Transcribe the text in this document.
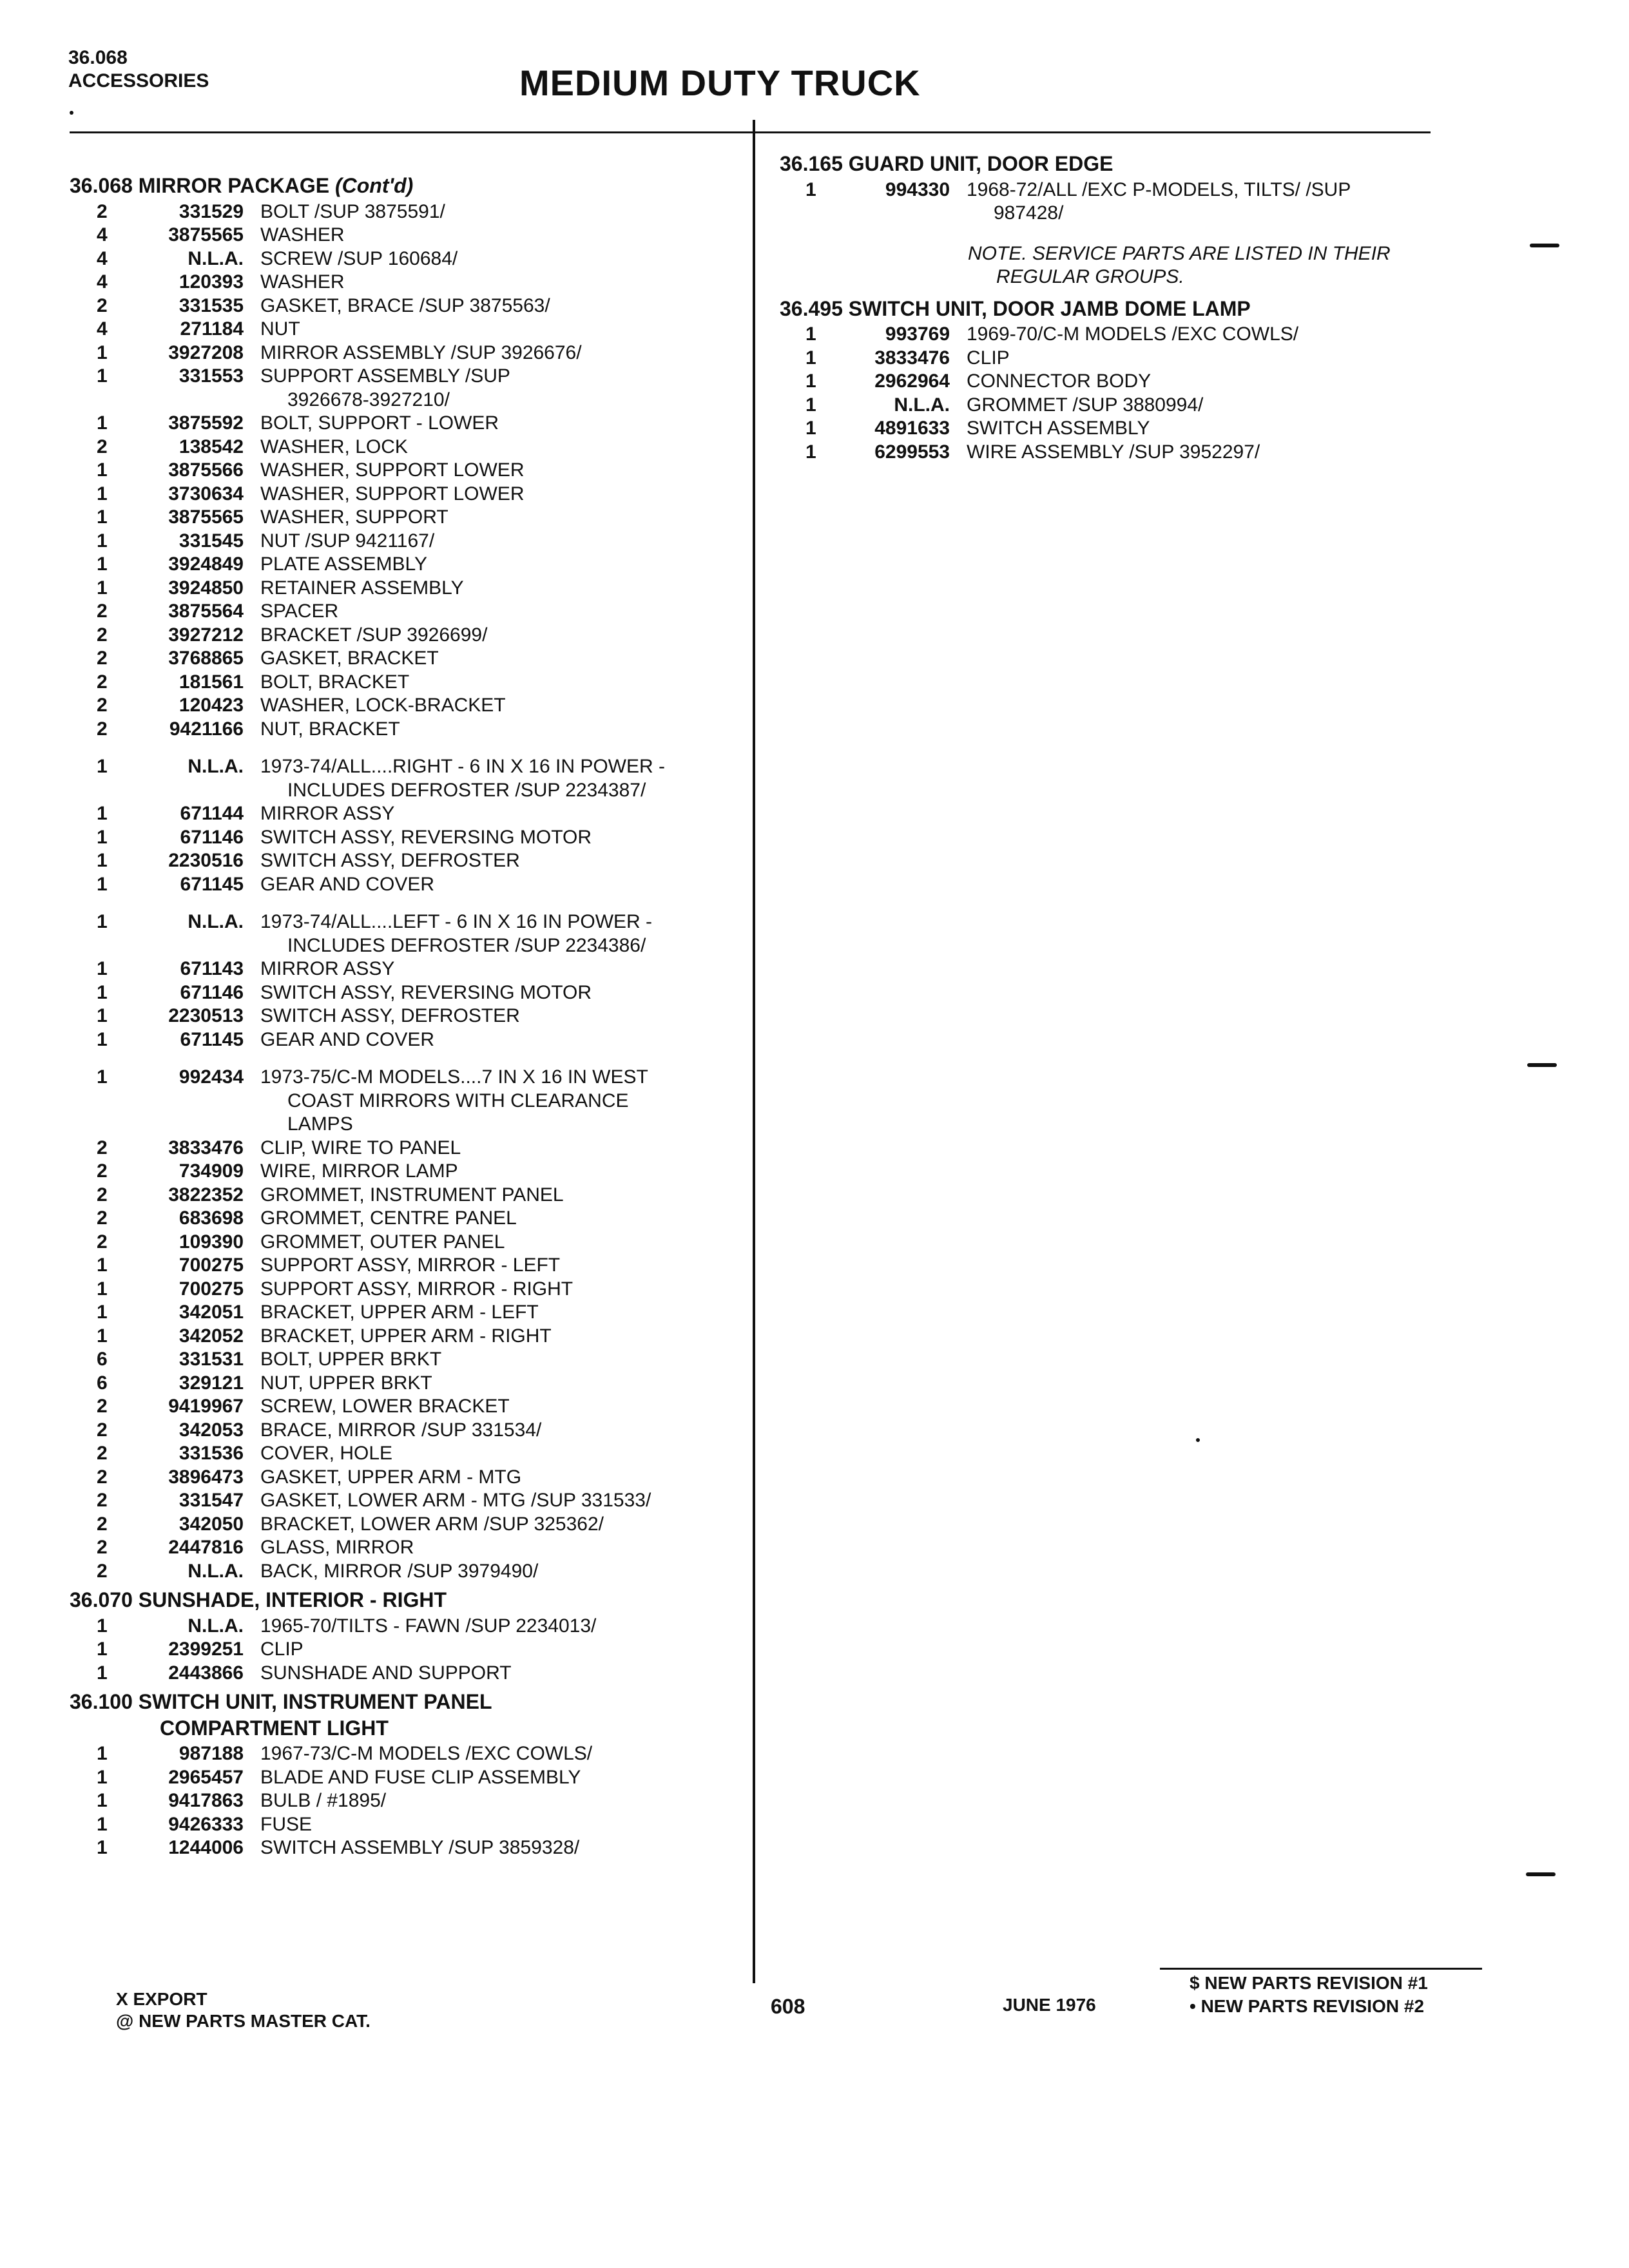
36.068
ACCESSORIES	MEDIUM DUTY TRUCK
36.068 MIRROR PACKAGE (Cont'd)
2	331529 BOLT /SUP 3875591/
4	3875565 WASHER
4	N.L.A. SCREW /SUP 160684/
4	120393 WASHER
2	331535 GASKET, BRACE /SUP 3875563/
4	271184 NUT
1	3927208 MIRROR ASSEMBLY /SUP 3926676/
1	331553 SUPPORT ASSEMBLY /SUP
3926678-3927210/
1	3875592 BOLT, SUPPORT - LOWER
2	138542 WASHER, LOCK
1	3875566 WASHER, SUPPORT LOWER
1	3730634 WASHER, SUPPORT LOWER
1	3875565 WASHER, SUPPORT
1	331545 NUT /SUP 9421167/
1	3924849 PLATE ASSEMBLY
1	3924850 RETAINER ASSEMBLY
2	3875564 SPACER
2	3927212 BRACKET /SUP 3926699/
2	3768865 GASKET, BRACKET
2	181561 BOLT, BRACKET
2	120423 WASHER, LOCK-BRACKET
2	9421166 NUT, BRACKET
1	N.L.A. 1973-74/ALL....RIGHT - 6 IN X 16 IN POWER -
INCLUDES DEFROSTER /SUP 2234387/
1	671144 MIRROR ASSY
1	671146 SWITCH ASSY, REVERSING MOTOR
1	2230516 SWITCH ASSY, DEFROSTER
1	671145 GEAR AND COVER
1	N.L.A. 1973-74/ALL....LEFT - 6 IN X 16 IN POWER -
INCLUDES DEFROSTER /SUP 2234386/
1	671143 MIRROR ASSY
1	671146 SWITCH ASSY, REVERSING MOTOR
1	2230513 SWITCH ASSY, DEFROSTER
1	671145 GEAR AND COVER
1	992434 1973-75/C-M MODELS....7 IN X 16 IN WEST
COAST MIRRORS WITH CLEARANCE
LAMPS
2	3833476 CLIP, WIRE TO PANEL
2	734909 WIRE, MIRROR LAMP
2	3822352 GROMMET, INSTRUMENT PANEL
2	683698 GROMMET, CENTRE PANEL
2	109390 GROMMET, OUTER PANEL
1	700275 SUPPORT ASSY, MIRROR - LEFT
1	700275 SUPPORT ASSY, MIRROR - RIGHT
1	342051 BRACKET, UPPER ARM - LEFT
1	342052 BRACKET, UPPER ARM - RIGHT
6	331531 BOLT, UPPER BRKT
6	329121 NUT, UPPER BRKT
2	9419967 SCREW, LOWER BRACKET
2	342053 BRACE, MIRROR /SUP 331534/
2	331536 COVER, HOLE
2	3896473 GASKET, UPPER ARM - MTG
2	331547 GASKET, LOWER ARM - MTG /SUP 331533/
2	342050 BRACKET, LOWER ARM /SUP 325362/
2	2447816 GLASS, MIRROR
2	N.L.A. BACK, MIRROR /SUP 3979490/
36.070 SUNSHADE, INTERIOR - RIGHT
1	N.L.A. 1965-70/TILTS - FAWN /SUP 2234013/
1	2399251 CLIP
1	2443866 SUNSHADE AND SUPPORT
36.100 SWITCH UNIT, INSTRUMENT PANEL
COMPARTMENT LIGHT
1	987188 1967-73/C-M MODELS /EXC COWLS/
1	2965457 BLADE AND FUSE CLIP ASSEMBLY
1	9417863 BULB / #1895/
1	9426333 FUSE
1	1244006 SWITCH ASSEMBLY /SUP 3859328/
36.165 GUARD UNIT, DOOR EDGE
1	994330 1968-72/ALL /EXC P-MODELS, TILTS/ /SUP
987428/
NOTE. SERVICE PARTS ARE LISTED IN THEIR
REGULAR GROUPS.
36.495 SWITCH UNIT, DOOR JAMB DOME LAMP
1	993769 1969-70/C-M MODELS /EXC COWLS/
1	3833476 CLIP
1	2962964 CONNECTOR BODY
1	N.L.A. GROMMET /SUP 3880994/
1	4891633 SWITCH ASSEMBLY
1	6299553 WIRE ASSEMBLY /SUP 3952297/
X EXPORT
@ NEW PARTS MASTER CAT.
608	JUNE 1976
$ NEW PARTS REVISION #1
• NEW PARTS REVISION #2
